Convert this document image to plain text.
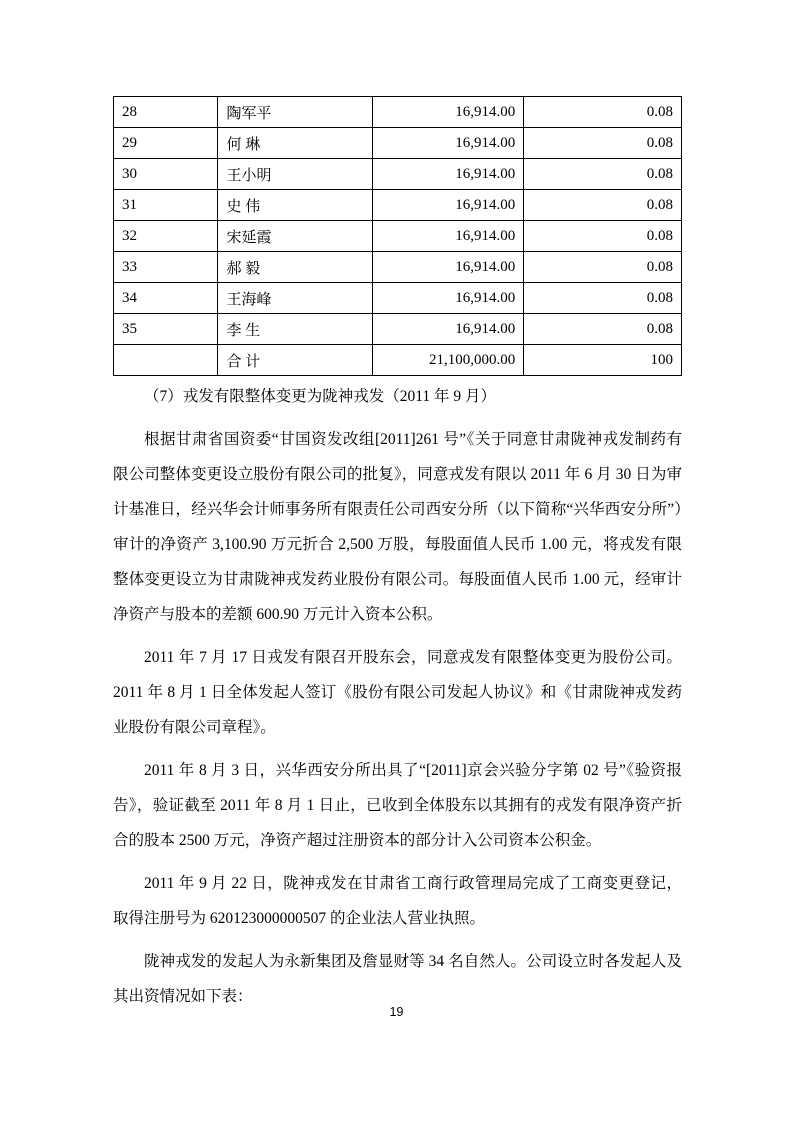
28	陶军平	16,914.00	0.08
29	何 琳	16,914.00	0.08
30	王小明	16,914.00	0.08
31	史 伟	16,914.00	0.08
32	宋延霞	16,914.00	0.08
33	郝 毅	16,914.00	0.08
34	王海峰	16,914.00	0.08
35	李 生	16,914.00	0.08
	合 计	21,100,000.00	100

（7）戎发有限整体变更为陇神戎发（2011 年 9 月）

根据甘肃省国资委“甘国资发改组[2011]261 号”《关于同意甘肃陇神戎发制药有限公司整体变更设立股份有限公司的批复》，同意戎发有限以 2011 年 6 月 30 日为审计基准日，经兴华会计师事务所有限责任公司西安分所（以下简称“兴华西安分所”）审计的净资产 3,100.90 万元折合 2,500 万股，每股面值人民币 1.00 元，将戎发有限整体变更设立为甘肃陇神戎发药业股份有限公司。每股面值人民币 1.00 元，经审计净资产与股本的差额 600.90 万元计入资本公积。

2011 年 7 月 17 日戎发有限召开股东会，同意戎发有限整体变更为股份公司。2011 年 8 月 1 日全体发起人签订《股份有限公司发起人协议》和《甘肃陇神戎发药业股份有限公司章程》。

2011 年 8 月 3 日，兴华西安分所出具了“[2011]京会兴验分字第 02 号”《验资报告》，验证截至 2011 年 8 月 1 日止，已收到全体股东以其拥有的戎发有限净资产折合的股本 2500 万元，净资产超过注册资本的部分计入公司资本公积金。

2011 年 9 月 22 日，陇神戎发在甘肃省工商行政管理局完成了工商变更登记，取得注册号为 620123000000507 的企业法人营业执照。

陇神戎发的发起人为永新集团及詹显财等 34 名自然人。公司设立时各发起人及其出资情况如下表：

19
